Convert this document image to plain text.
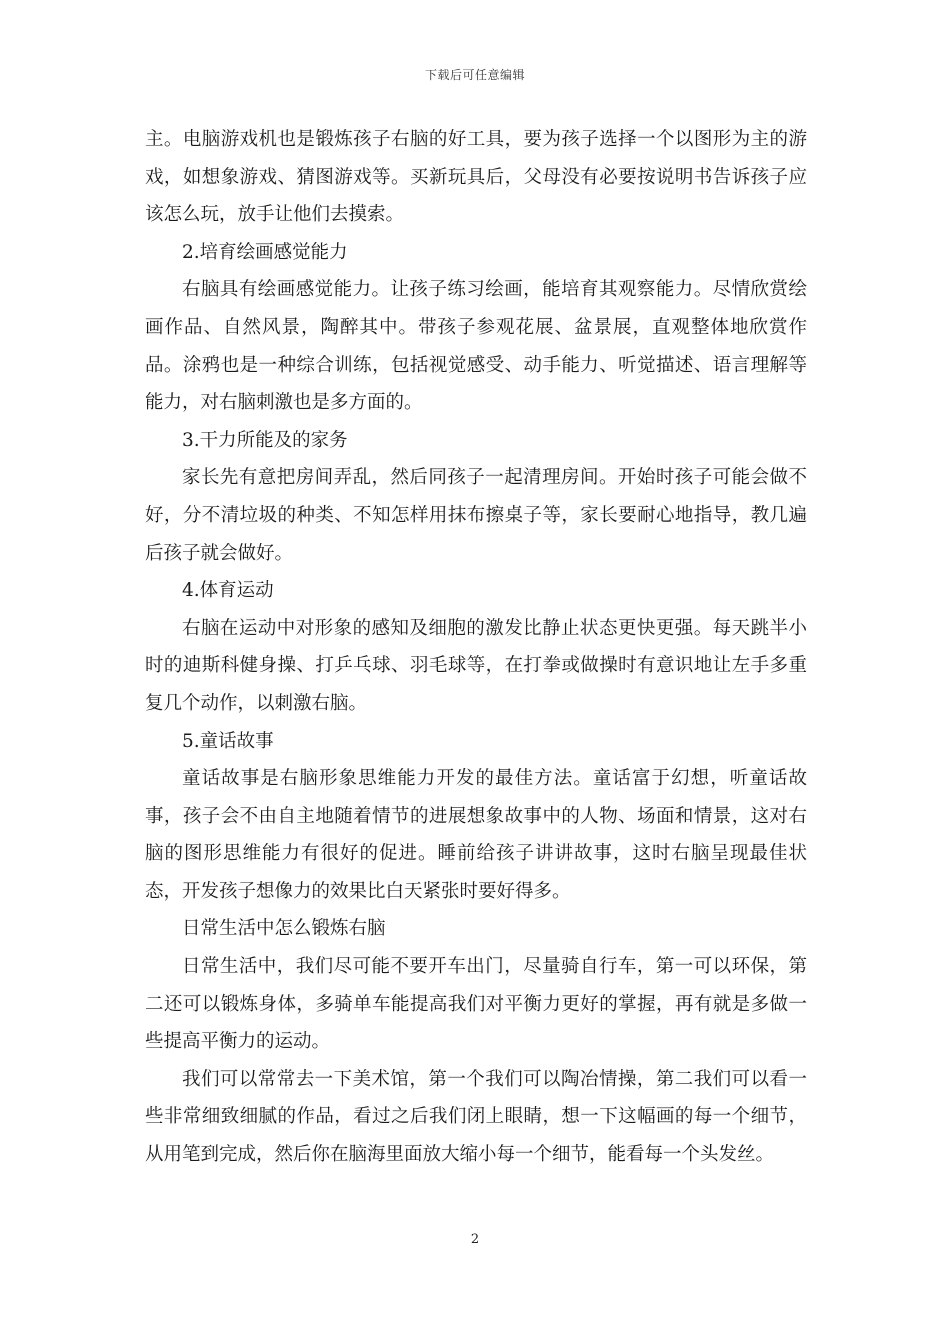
下载后可任意编辑

主。电脑游戏机也是锻炼孩子右脑的好工具，要为孩子选择一个以图形为主的游戏，如想象游戏、猜图游戏等。买新玩具后，父母没有必要按说明书告诉孩子应该怎么玩，放手让他们去摸索。

2.培育绘画感觉能力

右脑具有绘画感觉能力。让孩子练习绘画，能培育其观察能力。尽情欣赏绘画作品、自然风景，陶醉其中。带孩子参观花展、盆景展，直观整体地欣赏作品。涂鸦也是一种综合训练，包括视觉感受、动手能力、听觉描述、语言理解等能力，对右脑刺激也是多方面的。

3.干力所能及的家务

家长先有意把房间弄乱，然后同孩子一起清理房间。开始时孩子可能会做不好，分不清垃圾的种类、不知怎样用抹布擦桌子等，家长要耐心地指导，教几遍后孩子就会做好。

4.体育运动

右脑在运动中对形象的感知及细胞的激发比静止状态更快更强。每天跳半小时的迪斯科健身操、打乒乓球、羽毛球等，在打拳或做操时有意识地让左手多重复几个动作，以刺激右脑。

5.童话故事

童话故事是右脑形象思维能力开发的最佳方法。童话富于幻想，听童话故事，孩子会不由自主地随着情节的进展想象故事中的人物、场面和情景，这对右脑的图形思维能力有很好的促进。睡前给孩子讲讲故事，这时右脑呈现最佳状态，开发孩子想像力的效果比白天紧张时要好得多。

日常生活中怎么锻炼右脑

日常生活中，我们尽可能不要开车出门，尽量骑自行车，第一可以环保，第二还可以锻炼身体，多骑单车能提高我们对平衡力更好的掌握，再有就是多做一些提高平衡力的运动。

我们可以常常去一下美术馆，第一个我们可以陶冶情操，第二我们可以看一些非常细致细腻的作品，看过之后我们闭上眼睛，想一下这幅画的每一个细节，从用笔到完成，然后你在脑海里面放大缩小每一个细节，能看每一个头发丝。

2
